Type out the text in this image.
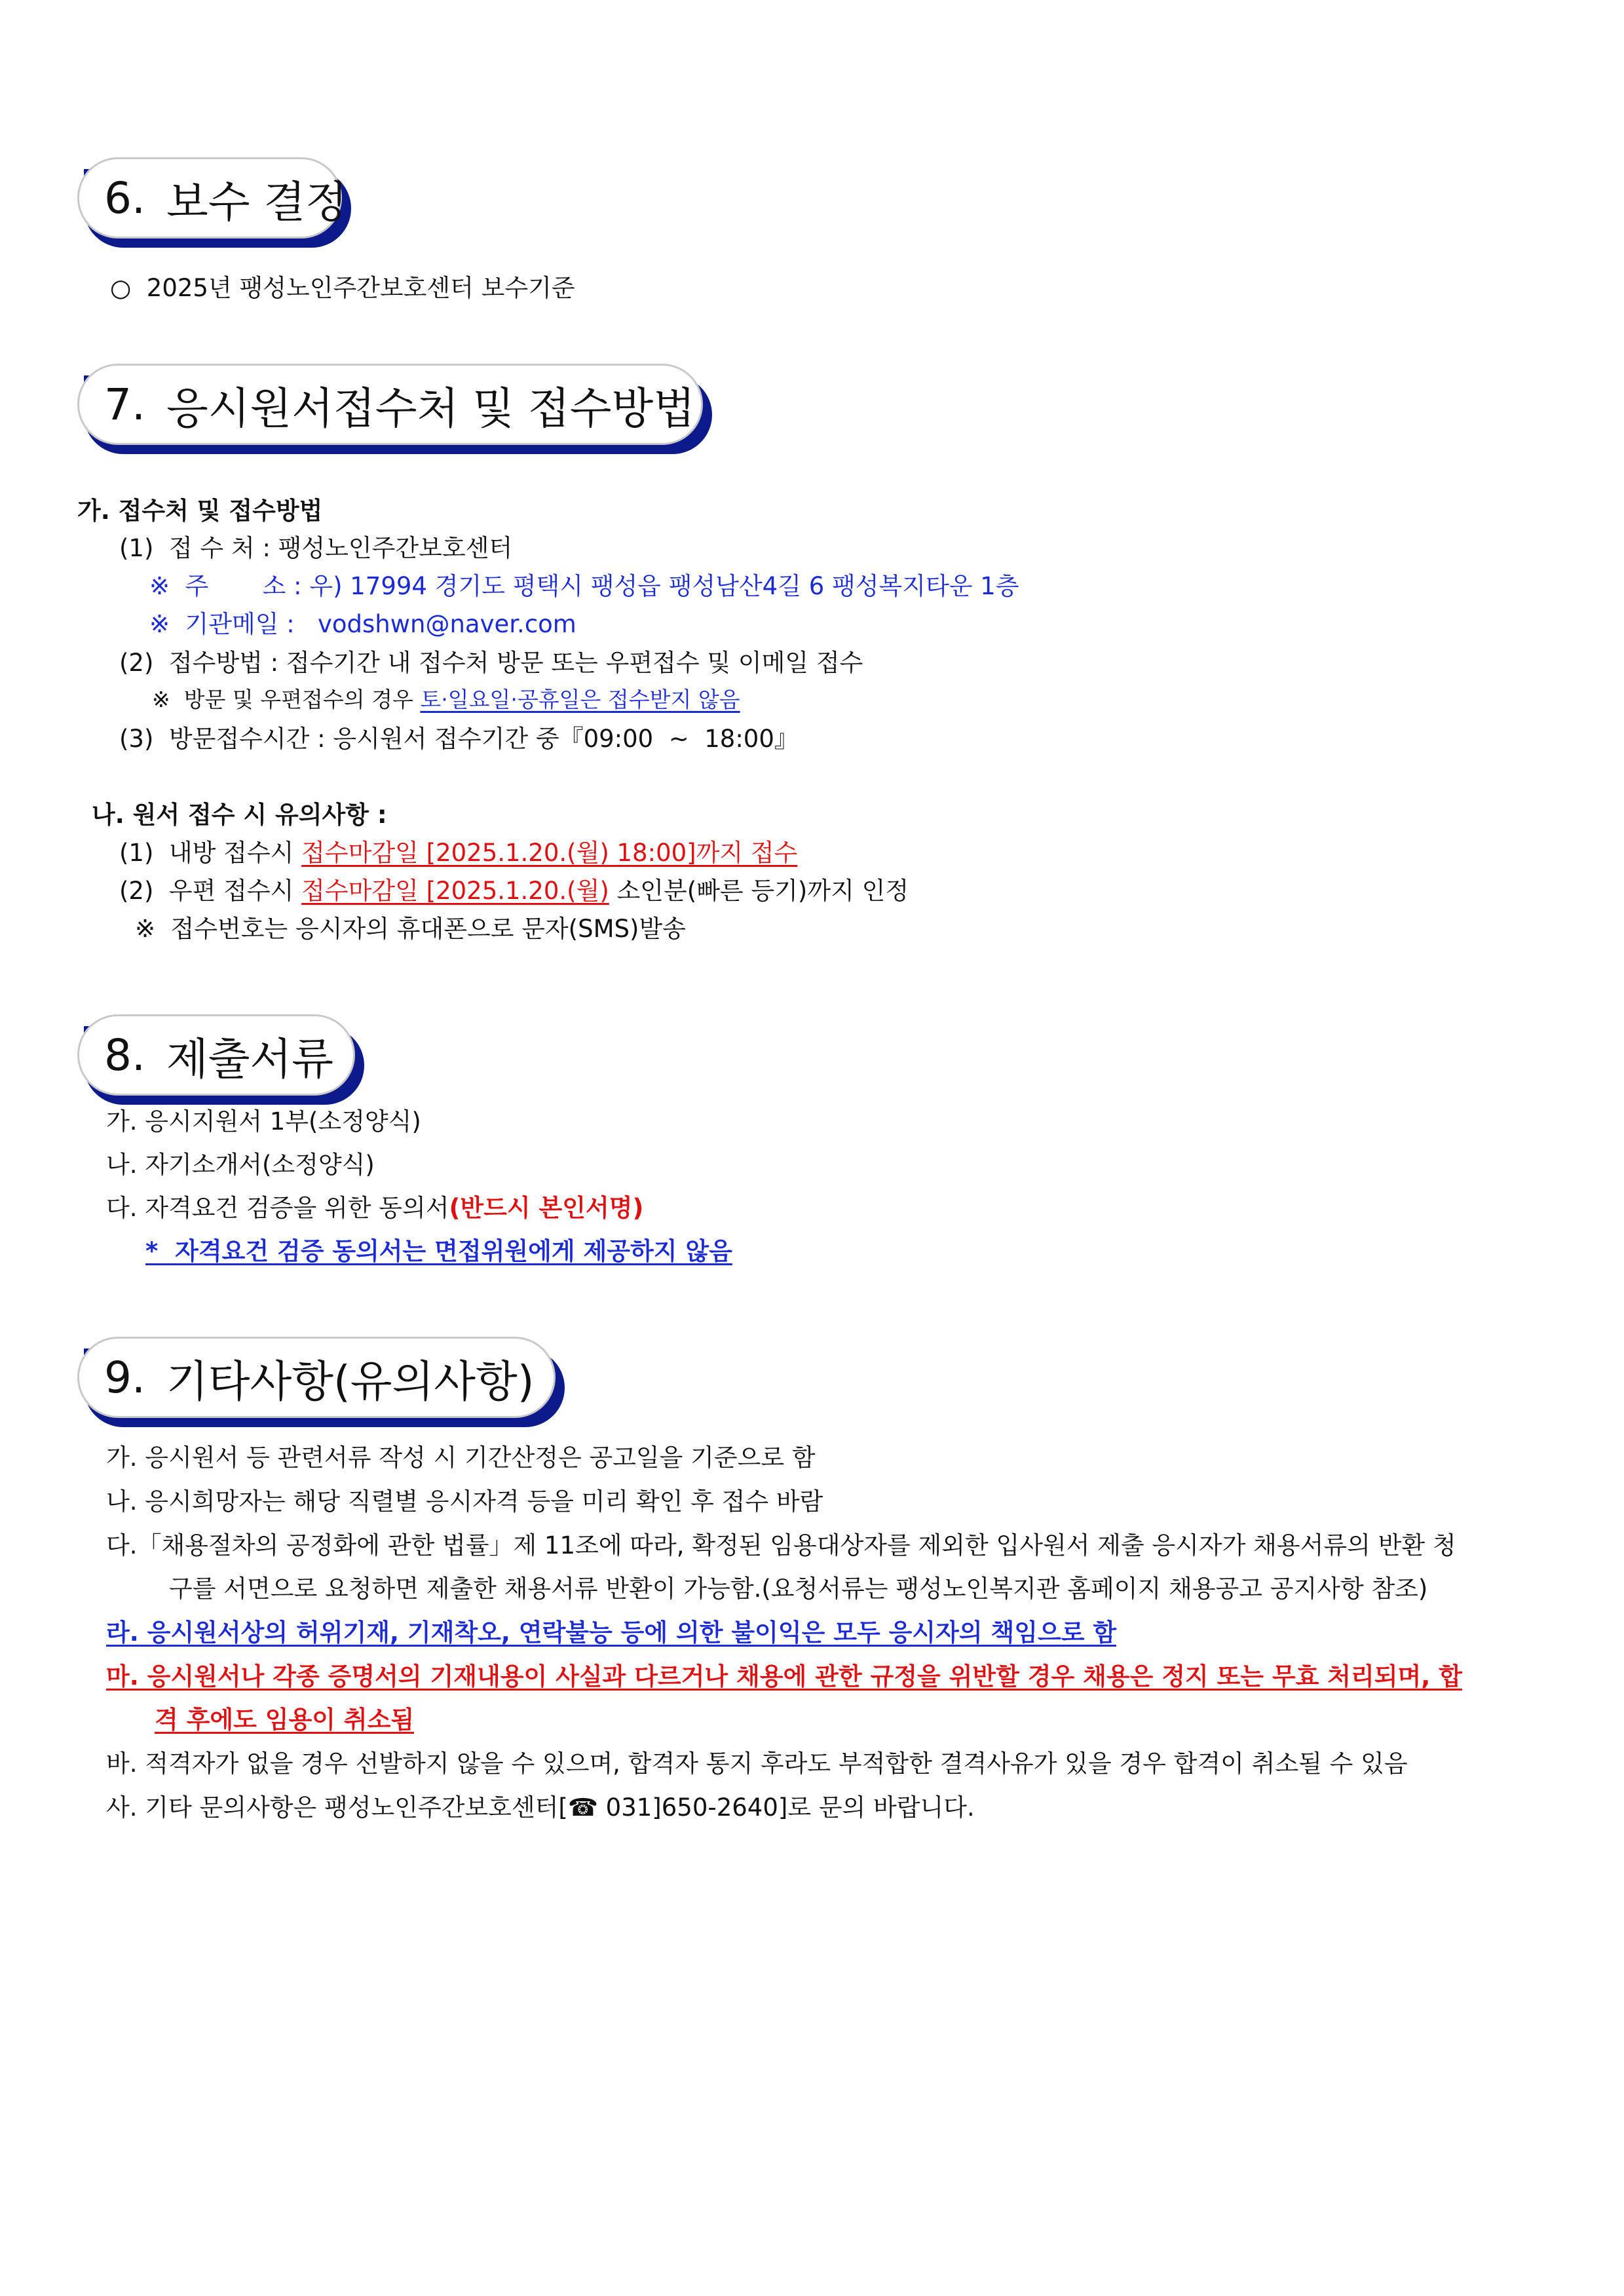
6. 보수 결정
○  2025년 팽성노인주간보호센터 보수기준
7. 응시원서접수처 및 접수방법
가. 접수처 및 접수방법
(1)  접 수 처 : 팽성노인주간보호센터
※  주       소 : 우) 17994 경기도 평택시 팽성읍 팽성남산4길 6 팽성복지타운 1층
※  기관메일 :   vodshwn@naver.com
(2)  접수방법 : 접수기간 내 접수처 방문 또는 우편접수 및 이메일 접수
※  방문 및 우편접수의 경우 토·일요일·공휴일은 접수받지 않음
(3)  방문접수시간 : 응시원서 접수기간 중『09:00  ~  18:00』
나. 원서 접수 시 유의사항 :
(1)  내방 접수시 접수마감일 [2025.1.20.(월) 18:00]까지 접수
(2)  우편 접수시 접수마감일 [2025.1.20.(월) 소인분(빠른 등기)까지 인정
※  접수번호는 응시자의 휴대폰으로 문자(SMS)발송
8. 제출서류
가. 응시지원서 1부(소정양식)
나. 자기소개서(소정양식)
다. 자격요건 검증을 위한 동의서(반드시 본인서명)
*  자격요건 검증 동의서는 면접위원에게 제공하지 않음
9. 기타사항(유의사항)
가. 응시원서 등 관련서류 작성 시 기간산정은 공고일을 기준으로 함
나. 응시희망자는 해당 직렬별 응시자격 등을 미리 확인 후 접수 바람
다.「채용절차의 공정화에 관한 법률」제 11조에 따라, 확정된 임용대상자를 제외한 입사원서 제출 응시자가 채용서류의 반환 청
구를 서면으로 요청하면 제출한 채용서류 반환이 가능함.(요청서류는 팽성노인복지관 홈페이지 채용공고 공지사항 참조)
라. 응시원서상의 허위기재, 기재착오, 연락불능 등에 의한 불이익은 모두 응시자의 책임으로 함
마. 응시원서나 각종 증명서의 기재내용이 사실과 다르거나 채용에 관한 규정을 위반할 경우 채용은 정지 또는 무효 처리되며, 합
격 후에도 임용이 취소됨
바. 적격자가 없을 경우 선발하지 않을 수 있으며, 합격자 통지 후라도 부적합한 결격사유가 있을 경우 합격이 취소될 수 있음
사. 기타 문의사항은 팽성노인주간보호센터[☎ 031]650-2640]로 문의 바랍니다.
